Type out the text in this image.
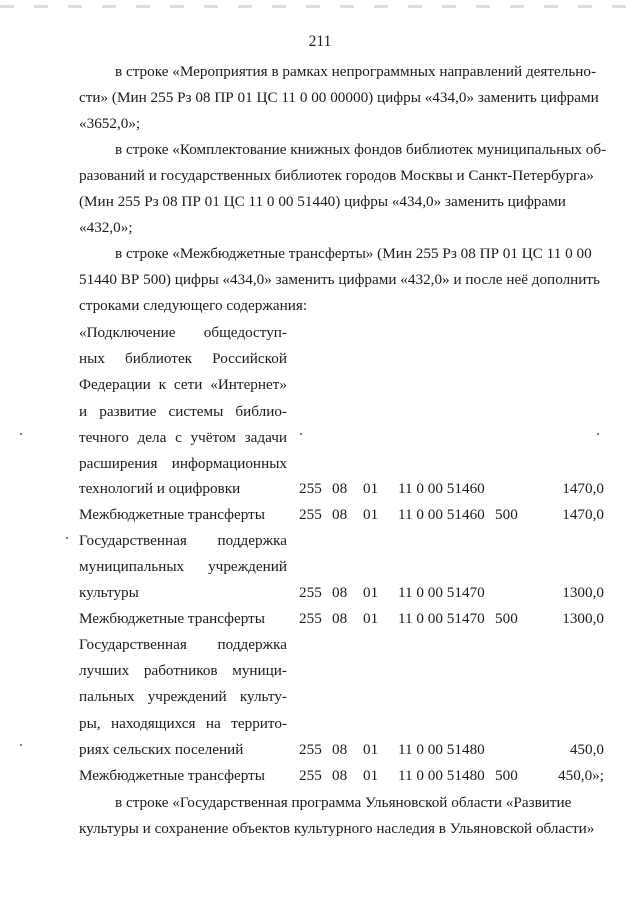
211
в строке «Мероприятия в рамках непрограммных направлений деятельно-
сти» (Мин 255 Рз 08 ПР 01 ЦС 11 0 00 00000) цифры «434,0» заменить цифрами
«3652,0»;
в строке «Комплектование книжных фондов библиотек муниципальных об-
разований и государственных библиотек городов Москвы и Санкт-Петербурга»
(Мин 255 Рз 08 ПР 01 ЦС 11 0 00 51440) цифры «434,0» заменить цифрами
«432,0»;
в строке «Межбюджетные трансферты» (Мин 255 Рз 08 ПР 01 ЦС 11 0 00
51440 ВР 500) цифры «434,0» заменить цифрами «432,0» и после неё дополнить
строками следующего содержания:
«Подключение общедоступ-
ных библиотек Российской
Федерации к сети «Интернет»
и развитие системы библио-
течного дела с учётом задачи
расширения информационных
технологий и оцифровки	255 08 01 11 0 00 51460	1470,0
Межбюджетные трансферты	255 08 01 11 0 00 51460 500	1470,0
Государственная поддержка
муниципальных учреждений
культуры	255 08 01 11 0 00 51470	1300,0
Межбюджетные трансферты	255 08 01 11 0 00 51470 500	1300,0
Государственная поддержка
лучших работников муници-
пальных учреждений культу-
ры, находящихся на террито-
риях сельских поселений	255 08 01 11 0 00 51480	450,0
Межбюджетные трансферты	255 08 01 11 0 00 51480 500	450,0»;
в строке «Государственная программа Ульяновской области «Развитие
культуры и сохранение объектов культурного наследия в Ульяновской области»
